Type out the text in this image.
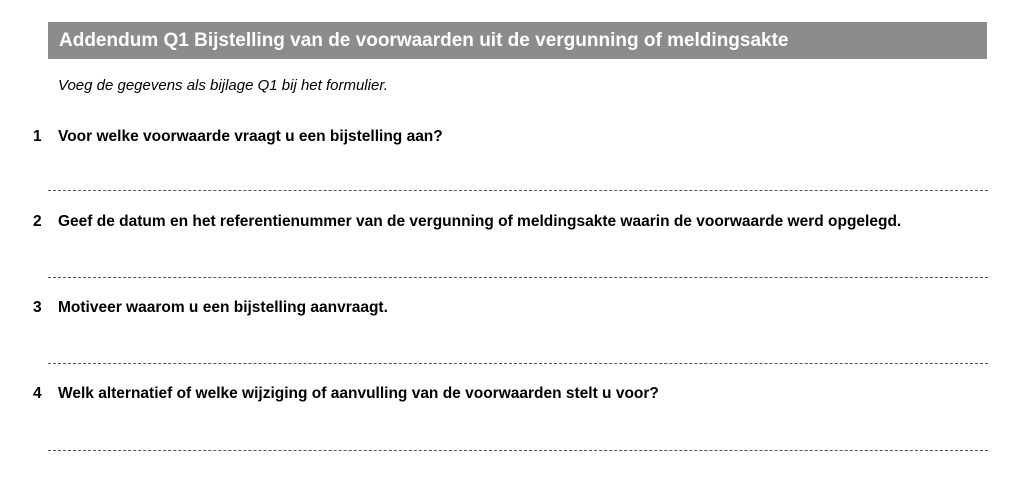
Addendum Q1 Bijstelling van de voorwaarden uit de vergunning of meldingsakte
Voeg de gegevens als bijlage Q1 bij het formulier.
1 Voor welke voorwaarde vraagt u een bijstelling aan?
2 Geef de datum en het referentienummer van de vergunning of meldingsakte waarin de voorwaarde werd opgelegd.
3 Motiveer waarom u een bijstelling aanvraagt.
4 Welk alternatief of welke wijziging of aanvulling van de voorwaarden stelt u voor?
